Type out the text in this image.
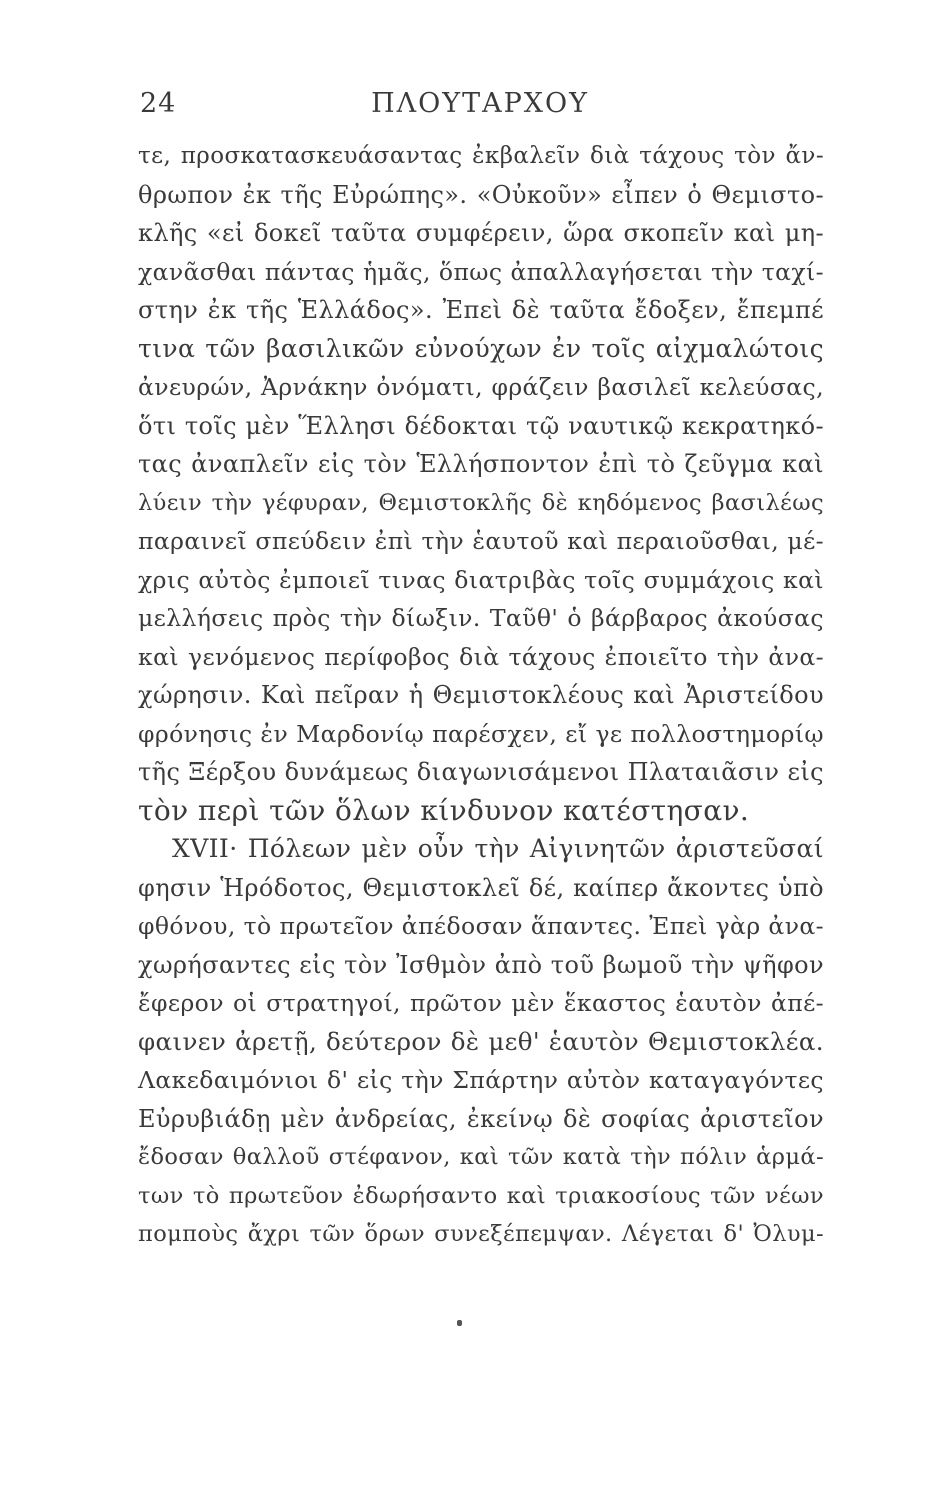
24	ΠΛΟΥΤΑΡΧΟΥ
τε, προσκατασκευάσαντας ἐκβαλεῖν διὰ τάχους τὸν ἄν-
θρωπον ἐκ τῆς Εὐρώπης». «Οὐκοῦν» εἶπεν ὁ Θεμιστο-
κλῆς «εἰ δοκεῖ ταῦτα συμφέρειν, ὥρα σκοπεῖν καὶ μη-
χανᾶσθαι πάντας ἡμᾶς, ὅπως ἀπαλλαγήσεται τὴν ταχί-
στην ἐκ τῆς Ἑλλάδος». Ἐπεὶ δὲ ταῦτα ἔδοξεν, ἔπεμπέ
τινα τῶν βασιλικῶν εὐνούχων ἐν τοῖς αἰχμαλώτοις
ἀνευρών, Ἀρνάκην ὀνόματι, φράζειν βασιλεῖ κελεύσας,
ὅτι τοῖς μὲν Ἕλλησι δέδοκται τῷ ναυτικῷ κεκρατηκό-
τας ἀναπλεῖν εἰς τὸν Ἑλλήσποντον ἐπὶ τὸ ζεῦγμα καὶ
λύειν τὴν γέφυραν, Θεμιστοκλῆς δὲ κηδόμενος βασιλέως
παραινεῖ σπεύδειν ἐπὶ τὴν ἑαυτοῦ καὶ περαιοῦσθαι, μέ-
χρις αὐτὸς ἐμποιεῖ τινας διατριβὰς τοῖς συμμάχοις καὶ
μελλήσεις πρὸς τὴν δίωξιν. Ταῦθ' ὁ βάρβαρος ἀκούσας
καὶ γενόμενος περίφοβος διὰ τάχους ἐποιεῖτο τὴν ἀνα-
χώρησιν. Καὶ πεῖραν ἡ Θεμιστοκλέους καὶ Ἀριστείδου
φρόνησις ἐν Μαρδονίῳ παρέσχεν, εἴ γε πολλοστημορίῳ
τῆς Ξέρξου δυνάμεως διαγωνισάμενοι Πλαταιᾶσιν εἰς
τὸν περὶ τῶν ὅλων κίνδυνον κατέστησαν.
XVII· Πόλεων μὲν οὖν τὴν Αἰγινητῶν ἀριστεῦσαί
φησιν Ἡρόδοτος, Θεμιστοκλεῖ δέ, καίπερ ἄκοντες ὑπὸ
φθόνου, τὸ πρωτεῖον ἀπέδοσαν ἅπαντες. Ἐπεὶ γὰρ ἀνα-
χωρήσαντες εἰς τὸν Ἰσθμὸν ἀπὸ τοῦ βωμοῦ τὴν ψῆφον
ἔφερον οἱ στρατηγοί, πρῶτον μὲν ἕκαστος ἑαυτὸν ἀπέ-
φαινεν ἀρετῇ, δεύτερον δὲ μεθ' ἑαυτὸν Θεμιστοκλέα.
Λακεδαιμόνιοι δ' εἰς τὴν Σπάρτην αὐτὸν καταγαγόντες
Εὐρυβιάδῃ μὲν ἀνδρείας, ἐκείνῳ δὲ σοφίας ἀριστεῖον
ἔδοσαν θαλλοῦ στέφανον, καὶ τῶν κατὰ τὴν πόλιν ἁρμά-
των τὸ πρωτεῦον ἐδωρήσαντο καὶ τριακοσίους τῶν νέων
πομποὺς ἄχρι τῶν ὅρων συνεξέπεμψαν. Λέγεται δ' Ὀλυμ-
